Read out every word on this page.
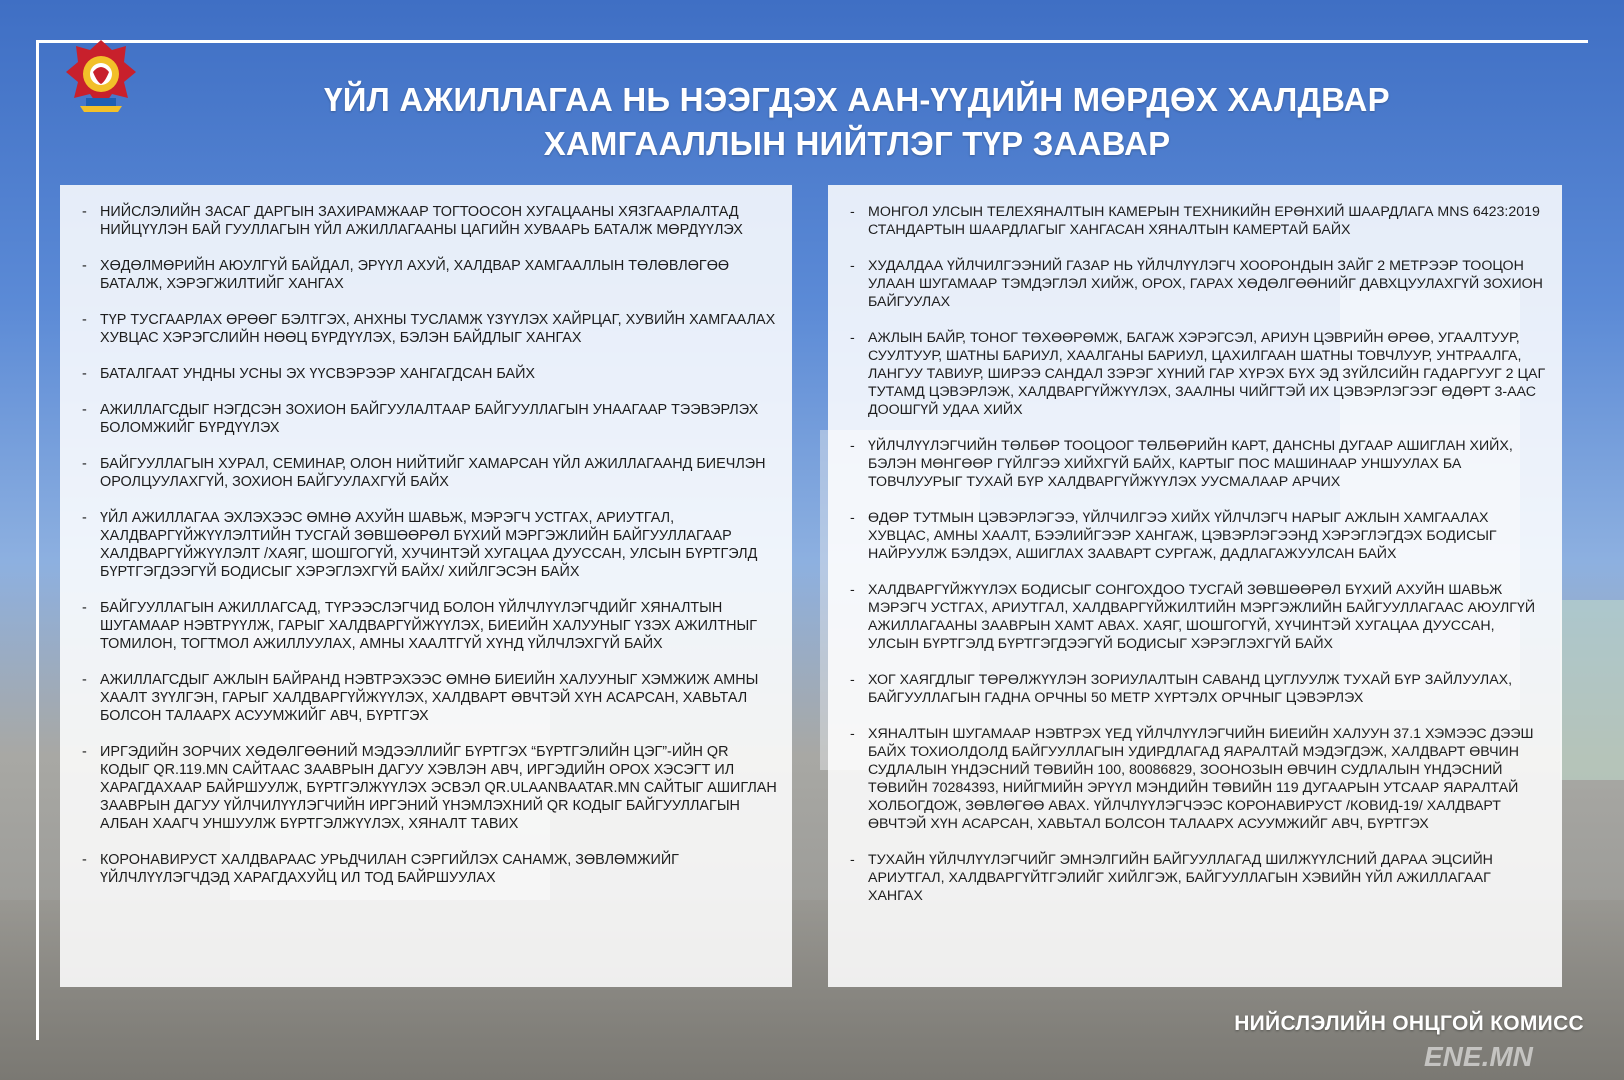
ҮЙЛ АЖИЛЛАГАА НЬ НЭЭГДЭХ ААН-ҮҮДИЙН МӨРДӨХ ХАЛДВАР
ХАМГААЛЛЫН НИЙТЛЭГ ТҮР ЗААВАР
- НИЙСЛЭЛИЙН ЗАСАГ ДАРГЫН ЗАХИРАМЖААР ТОГТООСОН ХУГАЦААНЫ ХЯЗГААРЛАЛТАД НИЙЦҮҮЛЭН БАЙ ГУУЛЛАГЫН ҮЙЛ АЖИЛЛАГААНЫ ЦАГИЙН ХУВААРЬ БАТАЛЖ МӨРДҮҮЛЭХ
- ХӨДӨЛМӨРИЙН АЮУЛГҮЙ БАЙДАЛ, ЭРҮҮЛ АХУЙ, ХАЛДВАР ХАМГААЛЛЫН ТӨЛӨВЛӨГӨӨ БАТАЛЖ, ХЭРЭГЖИЛТИЙГ ХАНГАХ
- ТҮР ТУСГААРЛАХ ӨРӨӨГ БЭЛТГЭХ, АНХНЫ ТУСЛАМЖ ҮЗҮҮЛЭХ ХАЙРЦАГ, ХУВИЙН ХАМГААЛАХ ХУВЦАС ХЭРЭГСЛИЙН НӨӨЦ БҮРДҮҮЛЭХ, БЭЛЭН БАЙДЛЫГ ХАНГАХ
- БАТАЛГААТ УНДНЫ УСНЫ ЭХ ҮҮСВЭРЭЭР ХАНГАГДСАН БАЙХ
- АЖИЛЛАГСДЫГ НЭГДСЭН ЗОХИОН БАЙГУУЛАЛТААР БАЙГУУЛЛАГЫН УНААГААР ТЭЭВЭРЛЭХ БОЛОМЖИЙГ БҮРДҮҮЛЭХ
- БАЙГУУЛЛАГЫН ХУРАЛ, СЕМИНАР, ОЛОН НИЙТИЙГ ХАМАРСАН ҮЙЛ АЖИЛЛАГААНД БИЕЧЛЭН ОРОЛЦУУЛАХГҮЙ, ЗОХИОН БАЙГУУЛАХГҮЙ БАЙХ
- ҮЙЛ АЖИЛЛАГАА ЭХЛЭХЭЭС ӨМНӨ АХУЙН ШАВЬЖ, МЭРЭГЧ УСТГАХ, АРИУТГАЛ, ХАЛДВАРГҮЙЖҮҮЛЭЛТИЙН ТУСГАЙ ЗӨВШӨӨРӨЛ БҮХИЙ МЭРГЭЖЛИЙН БАЙГУУЛЛАГААР ХАЛДВАРГҮЙЖҮҮЛЭЛТ /ХАЯГ, ШОШГОГҮЙ, ХУЧИНТЭЙ ХУГАЦАА ДУУССАН, УЛСЫН БҮРТГЭЛД БҮРТГЭГДЭЭГҮЙ БОДИСЫГ ХЭРЭГЛЭХГҮЙ БАЙХ/ ХИЙЛГЭСЭН БАЙХ
- БАЙГУУЛЛАГЫН АЖИЛЛАГСАД, ТҮРЭЭСЛЭГЧИД БОЛОН ҮЙЛЧЛҮҮЛЭГЧДИЙГ ХЯНАЛТЫН ШУГАМААР НЭВТРҮҮЛЖ, ГАРЫГ ХАЛДВАРГҮЙЖҮҮЛЭХ, БИЕИЙН ХАЛУУНЫГ ҮЗЭХ АЖИЛТНЫГ ТОМИЛОН, ТОГТМОЛ АЖИЛЛУУЛАХ, АМНЫ ХААЛТГҮЙ ХҮНД ҮЙЛЧЛЭХГҮЙ БАЙХ
- АЖИЛЛАГСДЫГ АЖЛЫН БАЙРАНД НЭВТРЭХЭЭС ӨМНӨ БИЕИЙН ХАЛУУНЫГ ХЭМЖИЖ АМНЫ ХААЛТ ЗҮҮЛГЭН, ГАРЫГ ХАЛДВАРГҮЙЖҮҮЛЭХ, ХАЛДВАРТ ӨВЧТЭЙ ХҮН АСАРСАН, ХАВЬТАЛ БОЛСОН ТАЛААРХ АСУУМЖИЙГ АВЧ, БҮРТГЭХ
- ИРГЭДИЙН ЗОРЧИХ ХӨДӨЛГӨӨНИЙ МЭДЭЭЛЛИЙГ БҮРТГЭХ “БҮРТГЭЛИЙН ЦЭГ”-ИЙН QR КОДЫГ QR.119.MN САЙТААС ЗААВРЫН ДАГУУ ХЭВЛЭН АВЧ, ИРГЭДИЙН ОРОХ ХЭСЭГТ ИЛ ХАРАГДАХААР БАЙРШУУЛЖ, БҮРТГЭЛЖҮҮЛЭХ ЭСВЭЛ QR.ULAANBAATAR.MN САЙТЫГ АШИГЛАН ЗААВРЫН ДАГУУ ҮЙЛЧИЛҮҮЛЭГЧИЙН ИРГЭНИЙ ҮНЭМЛЭХНИЙ QR КОДЫГ БАЙГУУЛЛАГЫН АЛБАН ХААГЧ УНШУУЛЖ БҮРТГЭЛЖҮҮЛЭХ, ХЯНАЛТ ТАВИХ
- КОРОНАВИРУСТ ХАЛДВАРААС УРЬДЧИЛАН СЭРГИЙЛЭХ САНАМЖ, ЗӨВЛӨМЖИЙГ ҮЙЛЧЛҮҮЛЭГЧДЭД ХАРАГДАХУЙЦ ИЛ ТОД БАЙРШУУЛАХ
- МОНГОЛ УЛСЫН ТЕЛЕХЯНАЛТЫН КАМЕРЫН ТЕХНИКИЙН ЕРӨНХИЙ ШААРДЛАГА MNS 6423:2019 СТАНДАРТЫН ШААРДЛАГЫГ ХАНГАСАН ХЯНАЛТЫН КАМЕРТАЙ БАЙХ
- ХУДАЛДАА ҮЙЛЧИЛГЭЭНИЙ ГАЗАР НЬ ҮЙЛЧЛҮҮЛЭГЧ ХООРОНДЫН ЗАЙГ 2 МЕТРЭЭР ТООЦОН УЛААН ШУГАМААР ТЭМДЭГЛЭЛ ХИЙЖ, ОРОХ, ГАРАХ ХӨДӨЛГӨӨНИЙГ ДАВХЦУУЛАХГҮЙ ЗОХИОН БАЙГУУЛАХ
- АЖЛЫН БАЙР, ТОНОГ ТӨХӨӨРӨМЖ, БАГАЖ ХЭРЭГСЭЛ, АРИУН ЦЭВРИЙН ӨРӨӨ, УГААЛТУУР, СУУЛТУУР, ШАТНЫ БАРИУЛ, ХААЛГАНЫ БАРИУЛ, ЦАХИЛГААН ШАТНЫ ТОВЧЛУУР, УНТРААЛГА, ЛАНГУУ ТАВИУР, ШИРЭЭ САНДАЛ ЗЭРЭГ ХҮНИЙ ГАР ХҮРЭХ БҮХ ЭД ЗҮЙЛСИЙН ГАДАРГУУГ 2 ЦАГ ТУТАМД ЦЭВЭРЛЭЖ, ХАЛДВАРГҮЙЖҮҮЛЭХ, ЗААЛНЫ ЧИЙГТЭЙ ИХ ЦЭВЭРЛЭГЭЭГ ӨДӨРТ 3-ААС ДООШГҮЙ УДАА ХИЙХ
- ҮЙЛЧЛҮҮЛЭГЧИЙН ТӨЛБӨР ТООЦООГ ТӨЛБӨРИЙН КАРТ, ДАНСНЫ ДУГААР АШИГЛАН ХИЙХ, БЭЛЭН МӨНГӨӨР ГҮЙЛГЭЭ ХИЙХГҮЙ БАЙХ, КАРТЫГ ПОС МАШИНААР УНШУУЛАХ БА ТОВЧЛУУРЫГ ТУХАЙ БҮР ХАЛДВАРГҮЙЖҮҮЛЭХ УУСМАЛААР АРЧИХ
- ӨДӨР ТУТМЫН ЦЭВЭРЛЭГЭЭ, ҮЙЛЧИЛГЭЭ ХИЙХ ҮЙЛЧЛЭГЧ НАРЫГ АЖЛЫН ХАМГААЛАХ ХУВЦАС, АМНЫ ХААЛТ, БЭЭЛИЙГЭЭР ХАНГАЖ, ЦЭВЭРЛЭГЭЭНД ХЭРЭГЛЭГДЭХ БОДИСЫГ НАЙРУУЛЖ БЭЛДЭХ, АШИГЛАХ ЗААВАРТ СУРГАЖ, ДАДЛАГАЖУУЛСАН БАЙХ
- ХАЛДВАРГҮЙЖҮҮЛЭХ БОДИСЫГ СОНГОХДОО ТУСГАЙ ЗӨВШӨӨРӨЛ БҮХИЙ АХУЙН ШАВЬЖ МЭРЭГЧ УСТГАХ, АРИУТГАЛ, ХАЛДВАРГҮЙЖИЛТИЙН МЭРГЭЖЛИЙН БАЙГУУЛЛАГААС АЮУЛГҮЙ АЖИЛЛАГААНЫ ЗААВРЫН ХАМТ АВАХ. ХАЯГ, ШОШГОГҮЙ, ХҮЧИНТЭЙ ХУГАЦАА ДУУССАН, УЛСЫН БҮРТГЭЛД БҮРТГЭГДЭЭГҮЙ БОДИСЫГ ХЭРЭГЛЭХГҮЙ БАЙХ
- ХОГ ХАЯГДЛЫГ ТӨРӨЛЖҮҮЛЭН ЗОРИУЛАЛТЫН САВАНД ЦУГЛУУЛЖ ТУХАЙ БҮР ЗАЙЛУУЛАХ, БАЙГУУЛЛАГЫН ГАДНА ОРЧНЫ 50 МЕТР ХҮРТЭЛХ ОРЧНЫГ ЦЭВЭРЛЭХ
- ХЯНАЛТЫН ШУГАМААР НЭВТРЭХ ҮЕД ҮЙЛЧЛҮҮЛЭГЧИЙН БИЕИЙН ХАЛУУН 37.1 ХЭМЭЭС ДЭЭШ БАЙХ ТОХИОЛДОЛД БАЙГУУЛЛАГЫН УДИРДЛАГАД ЯАРАЛТАЙ МЭДЭГДЭЖ, ХАЛДВАРТ ӨВЧИН СУДЛАЛЫН ҮНДЭСНИЙ ТӨВИЙН 100, 80086829, ЗООНОЗЫН ӨВЧИН СУДЛАЛЫН ҮНДЭСНИЙ ТӨВИЙН 70284393, НИЙГМИЙН ЭРҮҮЛ МЭНДИЙН ТӨВИЙН 119 ДУГААРЫН УТСААР ЯАРАЛТАЙ ХОЛБОГДОЖ, ЗӨВЛӨГӨӨ АВАХ. ҮЙЛЧЛҮҮЛЭГЧЭЭС КОРОНАВИРУСТ /КОВИД-19/ ХАЛДВАРТ ӨВЧТЭЙ ХҮН АСАРСАН, ХАВЬТАЛ БОЛСОН ТАЛААРХ АСУУМЖИЙГ АВЧ, БҮРТГЭХ
- ТУХАЙН ҮЙЛЧЛҮҮЛЭГЧИЙГ ЭМНЭЛГИЙН БАЙГУУЛЛАГАД ШИЛЖҮҮЛСНИЙ ДАРАА ЭЦСИЙН АРИУТГАЛ, ХАЛДВАРГҮЙТГЭЛИЙГ ХИЙЛГЭЖ, БАЙГУУЛЛАГЫН ХЭВИЙН ҮЙЛ АЖИЛЛАГААГ ХАНГАХ
НИЙСЛЭЛИЙН ОНЦГОЙ КОМИСС
ENE.MN
